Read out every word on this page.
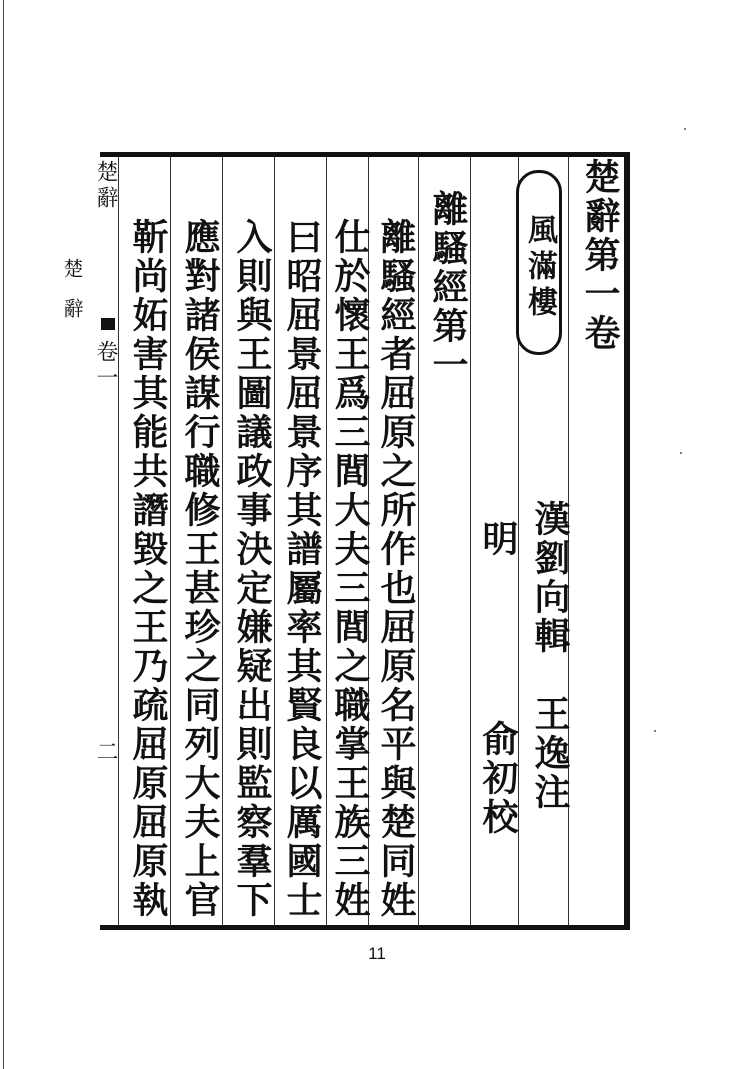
楚辭第一卷
風滿樓
漢劉向輯　王逸注
明
俞初校
離騷經第一
離騷經者屈原之所作也屈原名平與楚同姓
仕於懷王爲三閭大夫三閭之職掌王族三姓
曰昭屈景屈景序其譜屬率其賢良以厲國士
入則與王圖議政事決定嫌疑出則監察羣下
應對諸侯謀行職修王甚珍之同列大夫上官
靳尚妬害其能共譖毀之王乃疏屈原屈原執
楚辭
卷一
二
楚辭
11
